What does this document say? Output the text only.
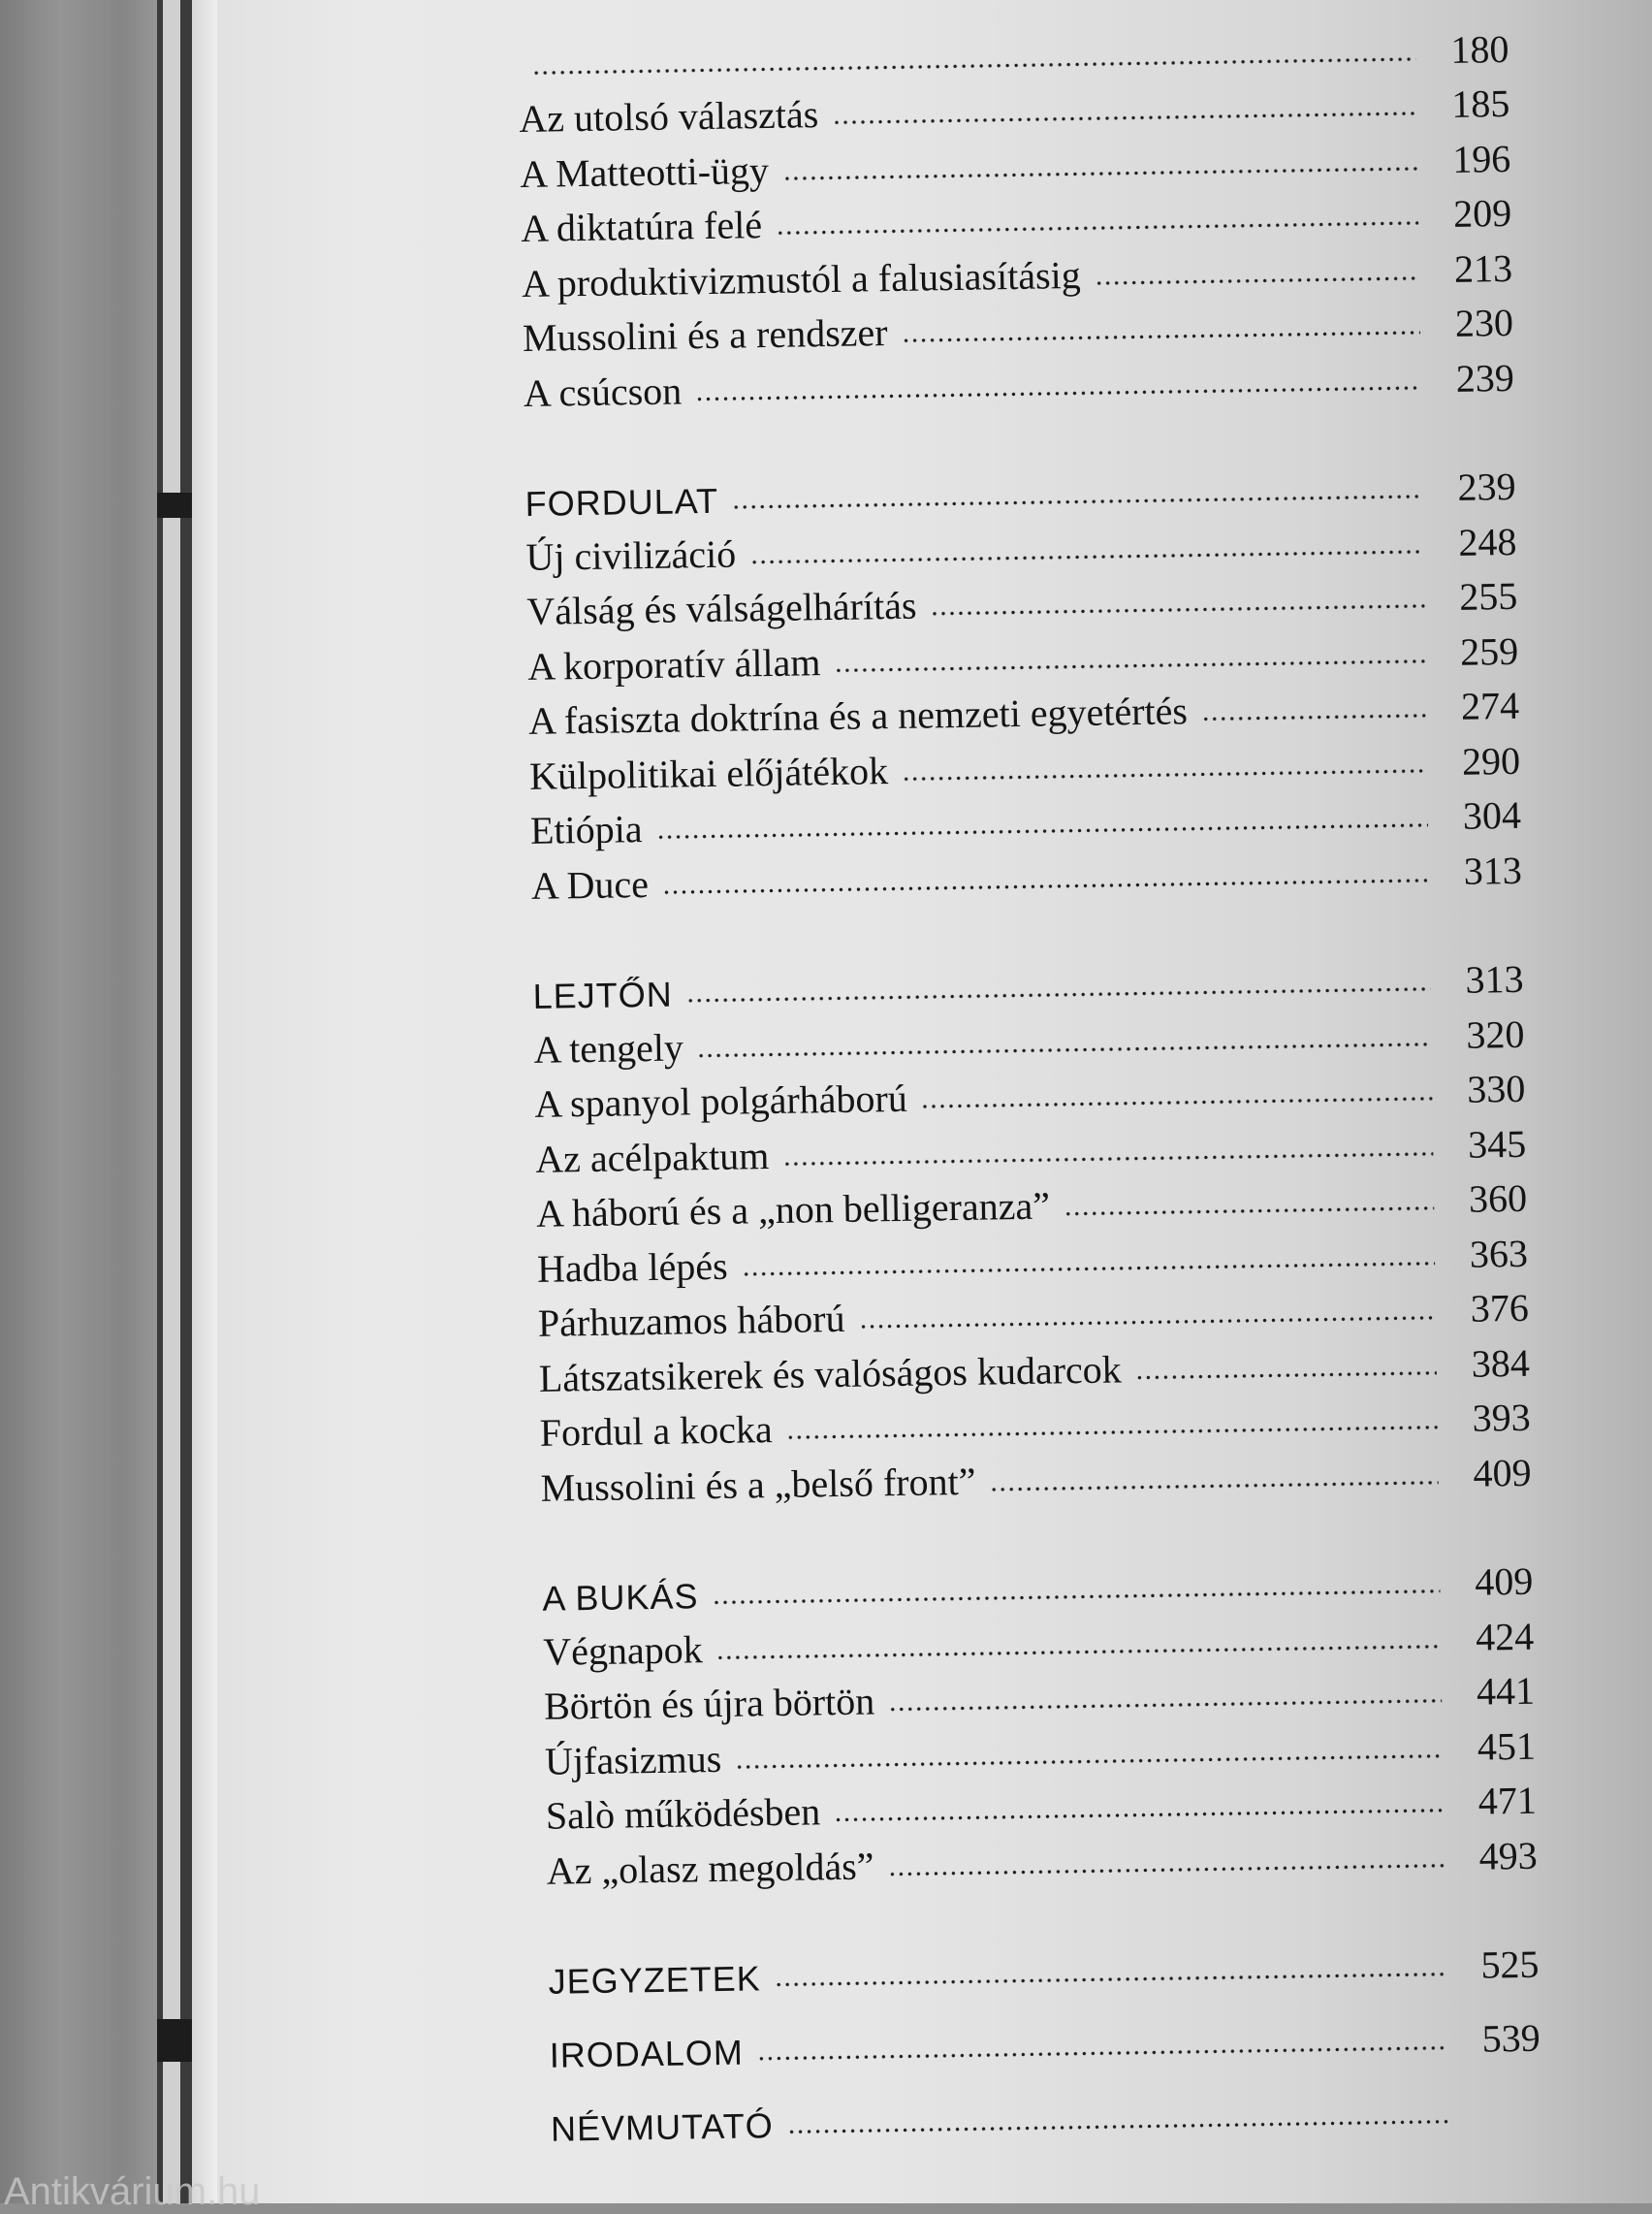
180
Az utolsó választás	185
A Matteotti-ügy	196
A diktatúra felé	209
A produktivizmustól a falusiasításig	213
Mussolini és a rendszer	230
A csúcson	239
FORDULAT	239
Új civilizáció	248
Válság és válságelhárítás	255
A korporatív állam	259
A fasiszta doktrína és a nemzeti egyetértés	274
Külpolitikai előjátékok	290
Etiópia	304
A Duce	313
LEJTŐN	313
A tengely	320
A spanyol polgárháború	330
Az acélpaktum	345
A háború és a „non belligeranza”	360
Hadba lépés	363
Párhuzamos háború	376
Látszatsikerek és valóságos kudarcok	384
Fordul a kocka	393
Mussolini és a „belső front”	409
A BUKÁS	409
Végnapok	424
Börtön és újra börtön	441
Újfasizmus	451
Salò működésben	471
Az „olasz megoldás”	493
JEGYZETEK	525
IRODALOM	539
NÉVMUTATÓ
Antikvárium.hu
